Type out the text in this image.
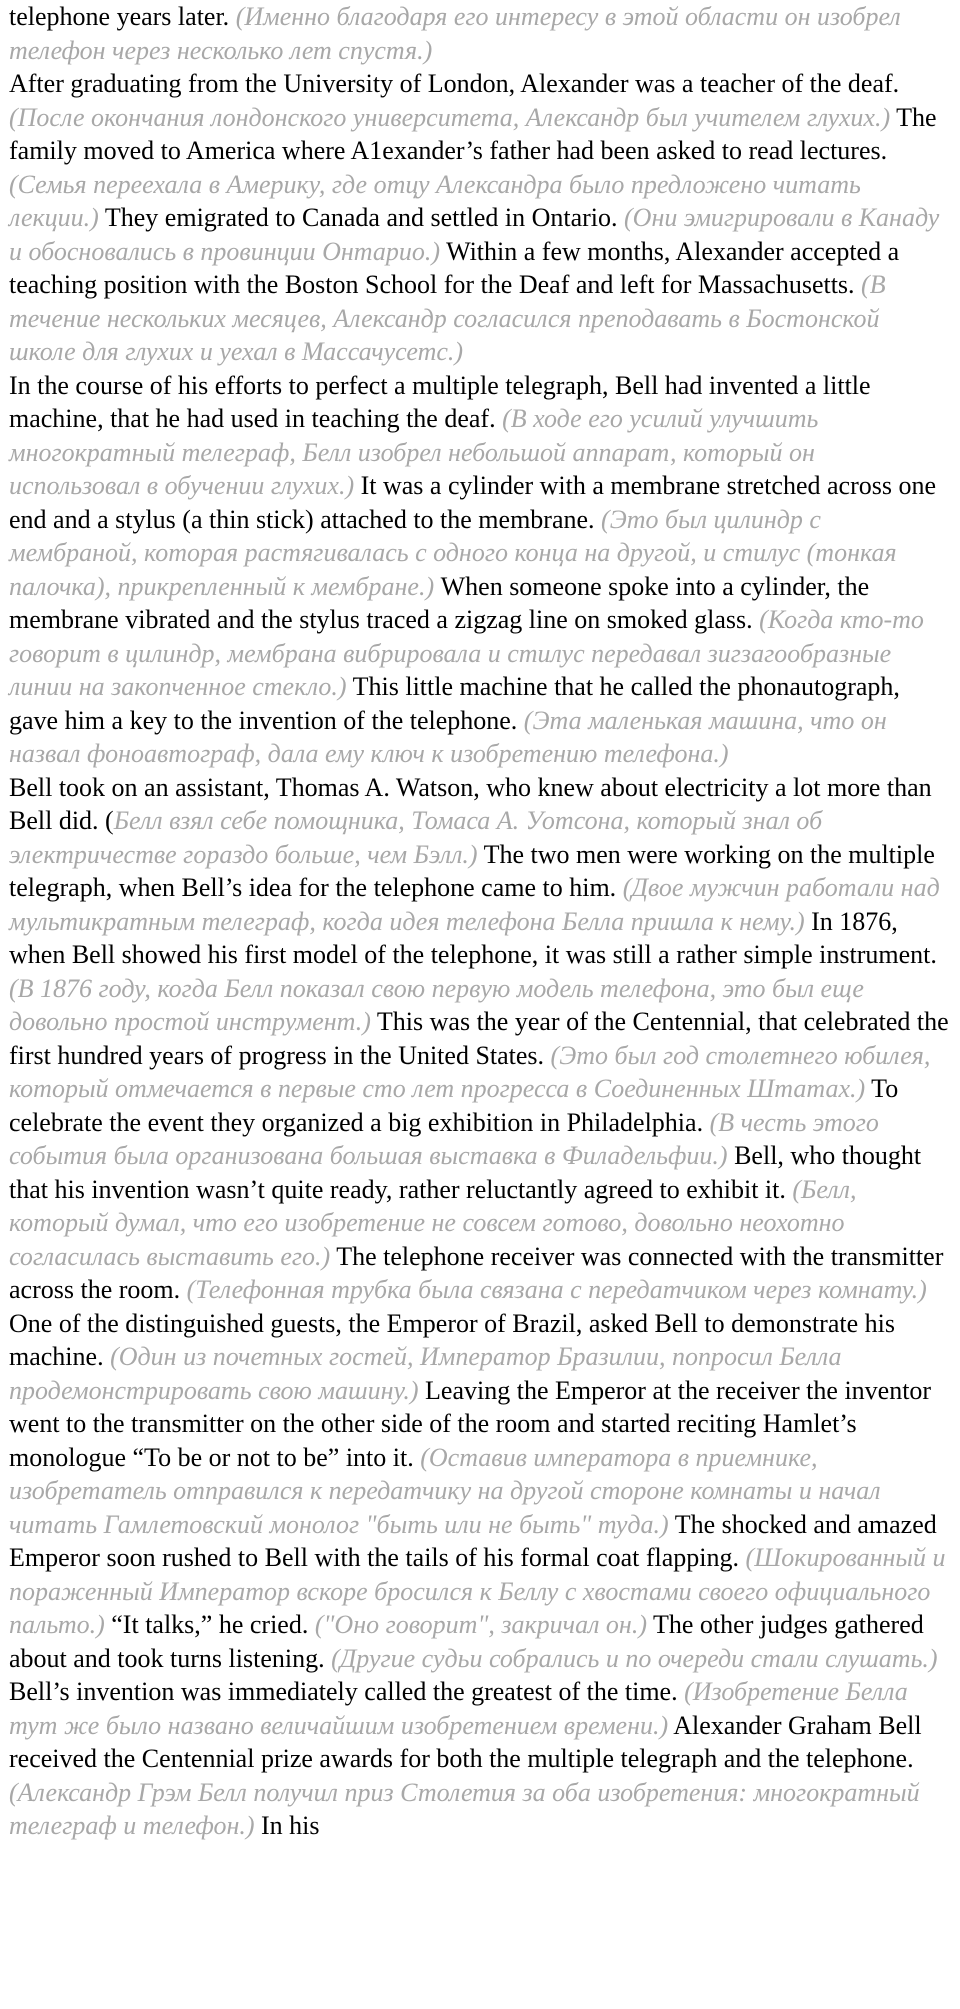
telephone years later. (Именно благодаря его интересу в этой области он изобрел телефон через несколько лет спустя.)

After graduating from the University of London, Alexander was a teacher of the deaf. (После окончания лондонского университета, Александр был учителем глухих.) The family moved to America where A1exander’s father had been asked to read lectures. (Семья переехала в Америку, где отцу Александра было предложено читать лекции.) They emigrated to Canada and settled in Ontario. (Они эмигрировали в Канаду и обосновались в провинции Онтарио.) Within a few months, Alexander accepted a teaching position with the Boston School for the Deaf and left for Massachusetts. (В течение нескольких месяцев, Александр согласился преподавать в Бостонской школе для глухих и уехал в Массачусетс.)

In the course of his efforts to perfect a multiple telegraph, Bell had invented a little machine, that he had used in teaching the deaf. (В ходе его усилий улучшить многократный телеграф, Белл изобрел небольшой аппарат, который он использовал в обучении глухих.) It was a cylinder with a membrane stretched across one end and a stylus (a thin stick) attached to the membrane. (Это был цилиндр с мембраной, которая растягивалась с одного конца на другой, и стилус (тонкая палочка), прикрепленный к мембране.) When someone spoke into a cylinder, the membrane vibrated and the stylus traced a zigzag line on smoked glass. (Когда кто-то говорит в цилиндр, мембрана вибрировала и стилус передавал зигзагообразные линии на закопченное стекло.) This little machine that he called the phonautograph, gave him a key to the invention of the telephone. (Эта маленькая машина, что он назвал фоноавтограф, дала ему ключ к изобретению телефона.)

Bell took on an assistant, Thomas A. Watson, who knew about electricity a lot more than Bell did. (Белл взял себе помощника, Томаса А. Уотсона, который знал об электричестве гораздо больше, чем Бэлл.) The two men were working on the multiple telegraph, when Bell’s idea for the telephone came to him. (Двое мужчин работали над мультикратным телеграф, когда идея телефона Белла пришла к нему.) In 1876, when Bell showed his first model of the telephone, it was still a rather simple instrument. (В 1876 году, когда Белл показал свою первую модель телефона, это был еще довольно простой инструмент.) This was the year of the Centennial, that celebrated the first hundred years of progress in the United States. (Это был год столетнего юбилея, который отмечается в первые сто лет прогресса в Соединенных Штатах.) To celebrate the event they organized a big exhibition in Philadelphia. (В честь этого события была организована большая выставка в Филадельфии.) Bell, who thought that his invention wasn’t quite ready, rather reluctantly agreed to exhibit it. (Белл, который думал, что его изобретение не совсем готово, довольно неохотно согласилась выставить его.) The telephone receiver was connected with the transmitter across the room. (Телефонная трубка была связана с передатчиком через комнату.)

One of the distinguished guests, the Emperor of Brazil, asked Bell to demonstrate his machine. (Один из почетных гостей, Император Бразилии, попросил Белла продемонстрировать свою машину.) Leaving the Emperor at the receiver the inventor went to the transmitter on the other side of the room and started reciting Hamlet’s monologue “To be or not to be” into it. (Оставив императора в приемнике, изобретатель отправился к передатчику на другой стороне комнаты и начал читать Гамлетовский монолог "быть или не быть" туда.) The shocked and amazed Emperor soon rushed to Bell with the tails of his formal coat flapping. (Шокированный и пораженный Император вскоре бросился к Беллу с хвостами своего официального пальто.) “It talks,” he cried. ("Оно говорит", закричал он.) The other judges gathered about and took turns listening. (Другие судьи собрались и по очереди стали слушать.) Bell’s invention was immediately called the greatest of the time. (Изобретение Белла тут же было названо величайшим изобретением времени.) Alexander Graham Bell received the Centennial prize awards for both the multiple telegraph and the telephone. (Александр Грэм Белл получил приз Столетия за оба изобретения: многократный телеграф и телефон.) In his
